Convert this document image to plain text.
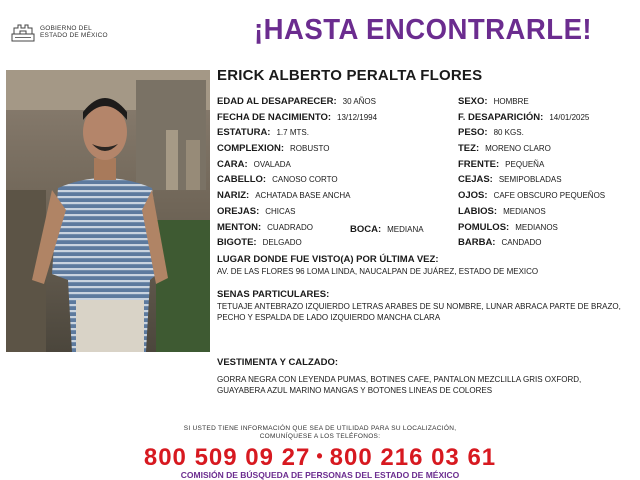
GOBIERNO DEL
ESTADO DE MÉXICO	¡HASTA ENCONTRARLE!
ERICK ALBERTO PERALTA FLORES
EDAD AL DESAPARECER: 30 AÑOS	SEXO: HOMBRE
FECHA DE NACIMIENTO: 13/12/1994	F. DESAPARICIÓN: 14/01/2025
ESTATURA: 1.7 MTS.	PESO: 80 KGS.
COMPLEXION: ROBUSTO	TEZ: MORENO CLARO
CARA: OVALADA	FRENTE: PEQUEÑA
CABELLO: CANOSO CORTO	CEJAS: SEMIPOBLADAS
NARIZ: ACHATADA BASE ANCHA	OJOS: CAFE OBSCURO PEQUEÑOS
OREJAS: CHICAS	LABIOS: MEDIANOS
MENTON: CUADRADO	BOCA: MEDIANA	POMULOS: MEDIANOS
BIGOTE: DELGADO	BARBA: CANDADO
LUGAR DONDE FUE VISTO(A) POR ÚLTIMA VEZ:
AV. DE LAS FLORES 96 LOMA LINDA, NAUCALPAN DE JUÁREZ, ESTADO DE MEXICO
SENAS PARTICULARES:
TETUAJE ANTEBRAZO IZQUIERDO LETRAS ARABES DE SU NOMBRE, LUNAR ABRACA PARTE DE BRAZO, PECHO Y ESPALDA DE LADO IZQUIERDO MANCHA CLARA
VESTIMENTA Y CALZADO:
GORRA NEGRA CON LEYENDA PUMAS, BOTINES CAFE, PANTALON MEZCLILLA GRIS OXFORD, GUAYABERA AZUL MARINO MANGAS Y BOTONES LINEAS DE COLORES
SI USTED TIENE INFORMACIÓN QUE SEA DE UTILIDAD PARA SU LOCALIZACIÓN,
COMUNÍQUESE A LOS TELÉFONOS:
800 509 09 27 • 800 216 03 61
COMISIÓN DE BÚSQUEDA DE PERSONAS DEL ESTADO DE MÉXICO
